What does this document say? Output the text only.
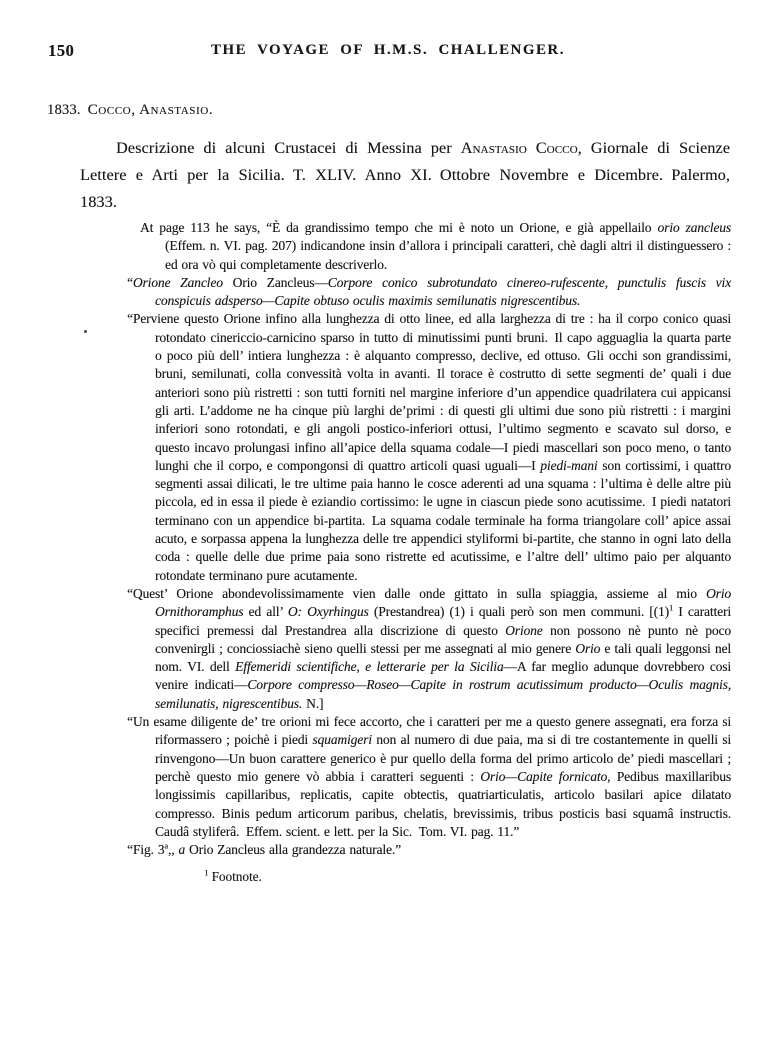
150	THE VOYAGE OF H.M.S. CHALLENGER.
1833. Cocco, Anastasio.

Descrizione di alcuni Crustacei di Messina per Anastasio Cocco, Giornale di Scienze Lettere e Arti per la Sicilia. T. XLIV. Anno XI. Ottobre Novembre e Dicembre. Palermo, 1833.

At page 113 he says, “È da grandissimo tempo che mi è noto un Orione, e già appellailo orio zancleus (Effem. n. VI. pag. 207) indicandone insin d’allora i principali caratteri, chè dagli altri il distinguessero : ed ora vò qui completamente descriverlo.

“Orione Zancleo Orio Zancleus—Corpore conico subrotundato cinereo-rufescente, punctulis fuscis vix conspicuis adsperso—Capite obtuso oculis maximis semilunatis nigrescentibus.

“Perviene questo Orione infino alla lunghezza di otto linee, ed alla larghezza di tre : ha il corpo conico quasi rotondato cinericcio-carnicino sparso in tutto di minutissimi punti bruni. Il capo agguaglia la quarta parte o poco più dell’ intiera lunghezza : è alquanto compresso, declive, ed ottuso. Gli occhi son grandissimi, bruni, semilunati, colla convessità volta in avanti. Il torace è costrutto di sette segmenti de’ quali i due anteriori sono più ristretti : son tutti forniti nel margine inferiore d’un appendice quadrilatera cui appicansi gli arti. L’addome ne ha cinque più larghi de’primi : di questi gli ultimi due sono più ristretti : i margini inferiori sono rotondati, e gli angoli postico-inferiori ottusi, l’ultimo segmento e scavato sul dorso, e questo incavo prolungasi infino all’apice della squama codale—I piedi mascellari son poco meno, o tanto lunghi che il corpo, e compongonsi di quattro articoli quasi uguali—I piedi-mani son cortissimi, i quattro segmenti assai dilicati, le tre ultime paia hanno le cosce aderenti ad una squama : l’ultima è delle altre più piccola, ed in essa il piede è eziandio cortissimo: le ugne in ciascun piede sono acutissime. I piedi natatori terminano con un appendice bi-partita. La squama codale terminale ha forma triangolare coll’ apice assai acuto, e sorpassa appena la lunghezza delle tre appendici styliformi bi-partite, che stanno in ogni lato della coda : quelle delle due prime paia sono ristrette ed acutissime, e l’altre dell’ ultimo paio per alquanto rotondate terminano pure acutamente.

“Quest’ Orione abondevolissimamente vien dalle onde gittato in sulla spiaggia, assieme al mio Orio Ornithoramphus ed all’ O: Oxyrhingus (Prestandrea) (1) i quali però son men communi. [$(1)^1$ I caratteri specifici premessi dal Prestandrea alla discrizione di questo Orione non possono nè punto nè poco convenirgli ; conciossiachè sieno quelli stessi per me assegnati al mio genere Orio e tali quali leggonsi nel nom. VI. dell Effemeridi scientifiche, e letterarie per la Sicilia—A far meglio adunque dovrebbero cosi venire indicati—Corpore compresso—Roseo—Capite in rostrum acutissimum producto—Oculis magnis, semilunatis, nigrescentibus. N.]

“Un esame diligente de’ tre orioni mi fece accorto, che i caratteri per me a questo genere assegnati, era forza si riformassero ; poichè i piedi squamigeri non al numero di due paia, ma si di tre costantemente in quelli si rinvengono—Un buon carattere generico è pur quello della forma del primo articolo de’ piedi mascellari ; perchè questo mio genere vò abbia i caratteri seguenti : Orio—Capite fornicato, Pedibus maxillaribus longissimis capillaribus, replicatis, capite obtectis, quatriarticulatis, articolo basilari apice dilatato compresso. Binis pedum articorum paribus, chelatis, brevissimis, tribus posticis basi squamâ instructis. Caudâ styliferâ. Effem. scient. e lett. per la Sic. Tom. VI. pag. 11.”

“Fig. 3$^a$,, a Orio Zancleus alla grandezza naturale.”

$^1$ Footnote.
